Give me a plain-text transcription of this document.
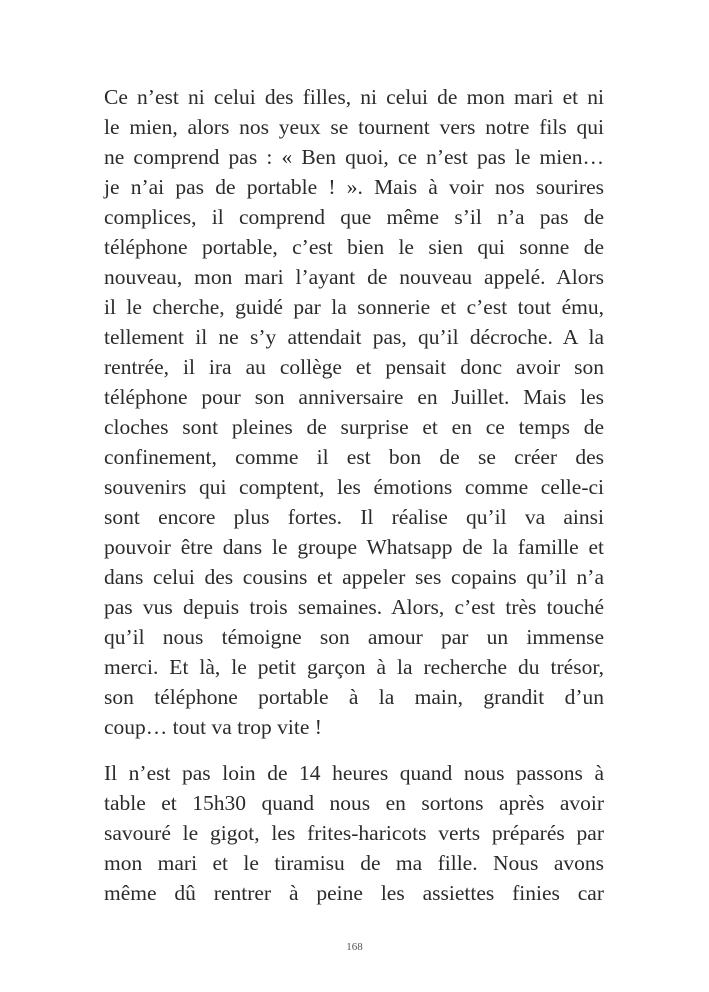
Ce n’est ni celui des filles, ni celui de mon mari et ni
le mien, alors nos yeux se tournent vers notre fils qui
ne comprend pas : « Ben quoi, ce n’est pas le mien…
je n’ai pas de portable ! ». Mais à voir nos sourires
complices, il comprend que même s’il n’a pas de
téléphone portable, c’est bien le sien qui sonne de
nouveau, mon mari l’ayant de nouveau appelé. Alors
il le cherche, guidé par la sonnerie et c’est tout ému,
tellement il ne s’y attendait pas, qu’il décroche. A la
rentrée, il ira au collège et pensait donc avoir son
téléphone pour son anniversaire en Juillet. Mais les
cloches sont pleines de surprise et en ce temps de
confinement, comme il est bon de se créer des
souvenirs qui comptent, les émotions comme celle-ci
sont encore plus fortes. Il réalise qu’il va ainsi
pouvoir être dans le groupe Whatsapp de la famille et
dans celui des cousins et appeler ses copains qu’il n’a
pas vus depuis trois semaines. Alors, c’est très touché
qu’il nous témoigne son amour par un immense
merci. Et là, le petit garçon à la recherche du trésor,
son téléphone portable à la main, grandit d’un
coup… tout va trop vite !
Il n’est pas loin de 14 heures quand nous passons à
table et 15h30 quand nous en sortons après avoir
savouré le gigot, les frites-haricots verts préparés par
mon mari et le tiramisu de ma fille. Nous avons
même dû rentrer à peine les assiettes finies car
168
